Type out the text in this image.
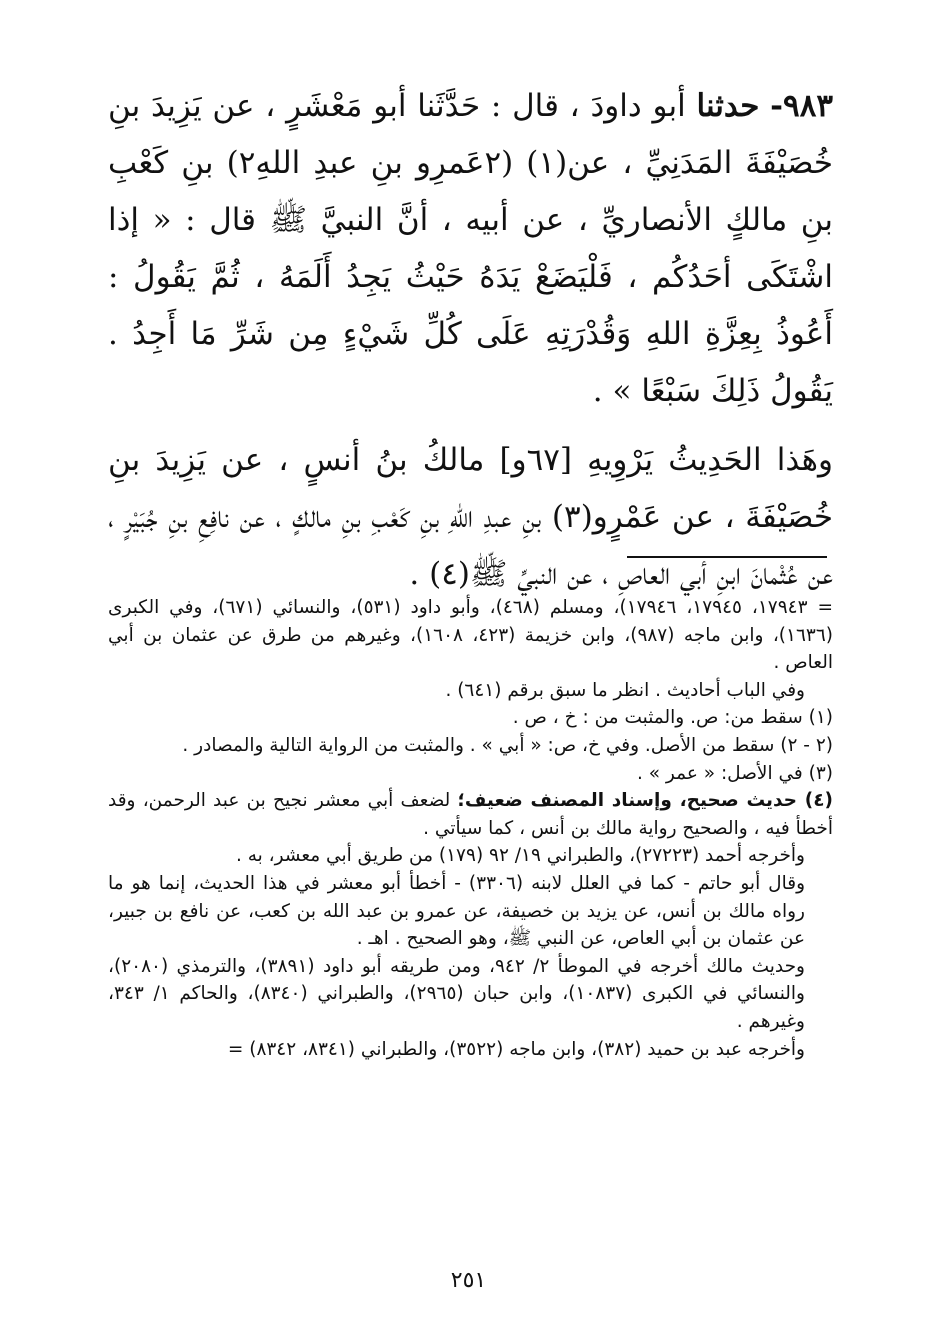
٩٨٣- حدثنا أبو داودَ ، قال : حَدَّثَنا أبو مَعْشَرٍ ، عن يَزِيدَ بنِ خُصَيْفَةَ المَدَنِيِّ ، عن(١) (٢عَمرِو بنِ عبدِ اللهِ٢) بنِ كَعْبِ بنِ مالكٍ الأنصاريِّ ، عن أبيه ، أنَّ النبيَّ ﷺ قال : « إذا اشْتَكَى أحَدُكُم ، فَلْيَضَعْ يَدَهُ حَيْثُ يَجِدُ أَلَمَهُ ، ثُمَّ يَقُولُ : أَعُوذُ بِعِزَّةِ اللهِ وَقُدْرَتِهِ عَلَى كُلِّ شَيْءٍ مِن شَرِّ مَا أَجِدُ . يَقُولُ ذَلِكَ سَبْعًا » .

وهَذا الحَدِيثُ يَرْوِيهِ [٦٧و] مالكُ بنُ أنسٍ ، عن يَزِيدَ بنِ خُصَيْفَةَ ، عن عَمْرٍو(٣) بنِ عبدِ اللهِ بنِ كَعْبِ بنِ مالكٍ ، عن نافِعِ بنِ جُبَيْرٍ ، عن عُثْمانَ ابنِ أبي العاصِ ، عن النبيِّ ﷺ(٤) .

= ١٧٩٤٣، ١٧٩٤٥، ١٧٩٤٦)، ومسلم (٤٦٨)، وأبو داود (٥٣١)، والنسائي (٦٧١)، وفي الكبرى (١٦٣٦)، وابن ماجه (٩٨٧)، وابن خزيمة (٤٢٣، ١٦٠٨)، وغيرهم من طرق عن عثمان بن أبي العاص .

وفي الباب أحاديث . انظر ما سبق برقم (٦٤١) .

(١) سقط من: ص. والمثبت من : خ ، ص .

(٢ - ٢) سقط من الأصل. وفي خ، ص: « أبي » . والمثبت من الرواية التالية والمصادر .

(٣) في الأصل: « عمر » .

(٤) حديث صحيح، وإسناد المصنف ضعيف؛ لضعف أبي معشر نجيح بن عبد الرحمن، وقد أخطأ فيه ، والصحيح رواية مالك بن أنس ، كما سيأتي .

وأخرجه أحمد (٢٧٢٢٣)، والطبراني ١٩/ ٩٢ (١٧٩) من طريق أبي معشر، به .

وقال أبو حاتم - كما في العلل لابنه (٣٣٠٦) - أخطأ أبو معشر في هذا الحديث، إنما هو ما رواه مالك بن أنس، عن يزيد بن خصيفة، عن عمرو بن عبد الله بن كعب، عن نافع بن جبير، عن عثمان بن أبي العاص، عن النبي ﷺ، وهو الصحيح . اهـ .

وحديث مالك أخرجه في الموطأ ٢/ ٩٤٢، ومن طريقه أبو داود (٣٨٩١)، والترمذي (٢٠٨٠)، والنسائي في الكبرى (١٠٨٣٧)، وابن حبان (٢٩٦٥)، والطبراني (٨٣٤٠)، والحاكم ١/ ٣٤٣، وغيرهم .

وأخرجه عبد بن حميد (٣٨٢)، وابن ماجه (٣٥٢٢)، والطبراني (٨٣٤١، ٨٣٤٢) =

٢٥١
